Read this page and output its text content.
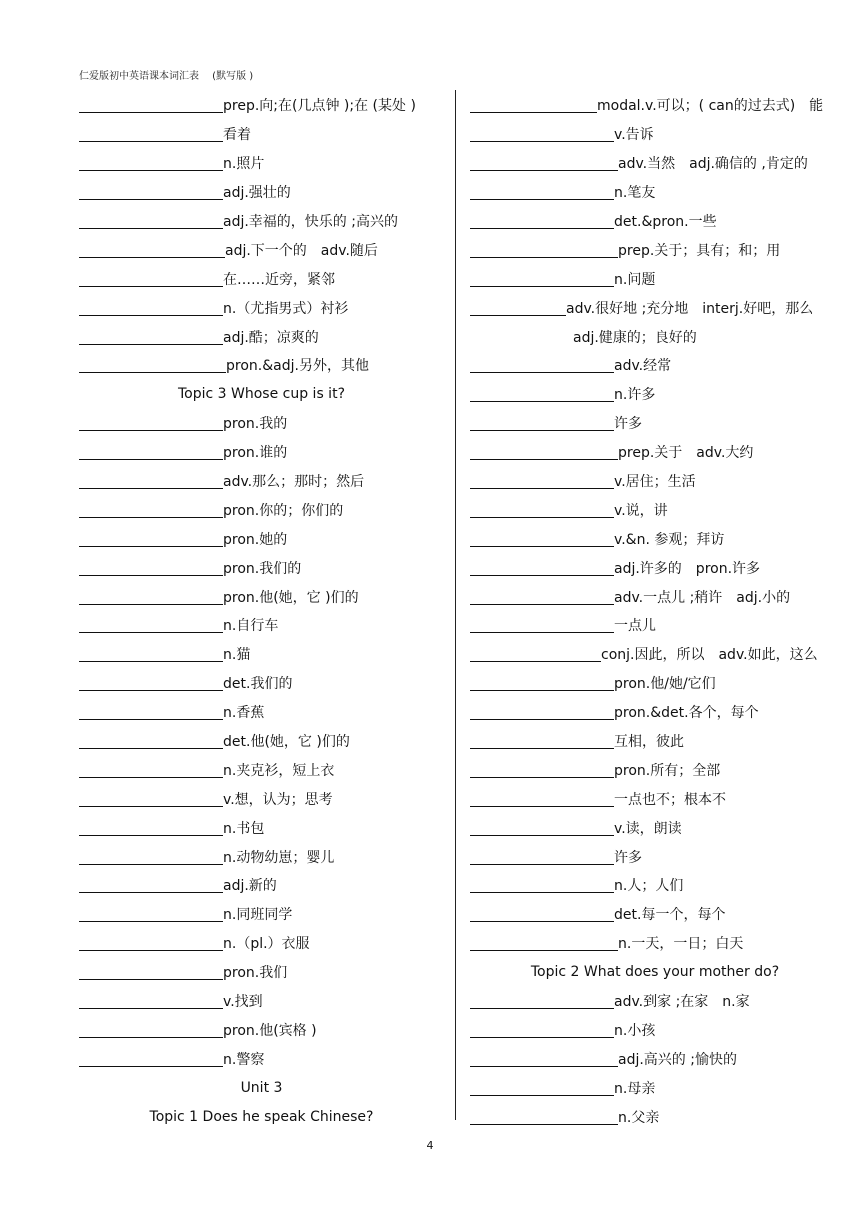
仁爱版初中英语课本词汇表　 (默写版 )
prep.向;在(几点钟 );在 (某处 )
看着
n.照片
adj.强壮的
adj.幸福的，快乐的 ;高兴的
adj.下一个的　adv.随后
在……近旁，紧邻
n.（尤指男式）衬衫
adj.酷；凉爽的
pron.&adj.另外，其他
Topic 3 Whose cup is it?
pron.我的
pron.谁的
adv.那么；那时；然后
pron.你的；你们的
pron.她的
pron.我们的
pron.他(她，它 )们的
n.自行车
n.猫
det.我们的
n.香蕉
det.他(她，它 )们的
n.夹克衫，短上衣
v.想，认为；思考
n.书包
n.动物幼崽；婴儿
adj.新的
n.同班同学
n.（pl.）衣服
pron.我们
v.找到
pron.他(宾格 )
n.警察
Unit 3
Topic 1 Does he speak Chinese?
modal.v.可以；( can的过去式)　能
v.告诉
adv.当然　adj.确信的 ,肯定的
n.笔友
det.&pron.一些
prep.关于；具有；和；用
n.问题
adv.很好地 ;充分地　interj.好吧，那么
adj.健康的；良好的
adv.经常
n.许多
许多
prep.关于　adv.大约
v.居住；生活
v.说，讲
v.&n. 参观；拜访
adj.许多的　pron.许多
adv.一点儿 ;稍许　adj.小的
一点儿
conj.因此，所以　adv.如此，这么
pron.他/她/它们
pron.&det.各个，每个
互相，彼此
pron.所有；全部
一点也不；根本不
v.读，朗读
许多
n.人；人们
det.每一个，每个
n.一天，一日；白天
Topic 2 What does your mother do?
adv.到家 ;在家　n.家
n.小孩
adj.高兴的 ;愉快的
n.母亲
n.父亲
4
